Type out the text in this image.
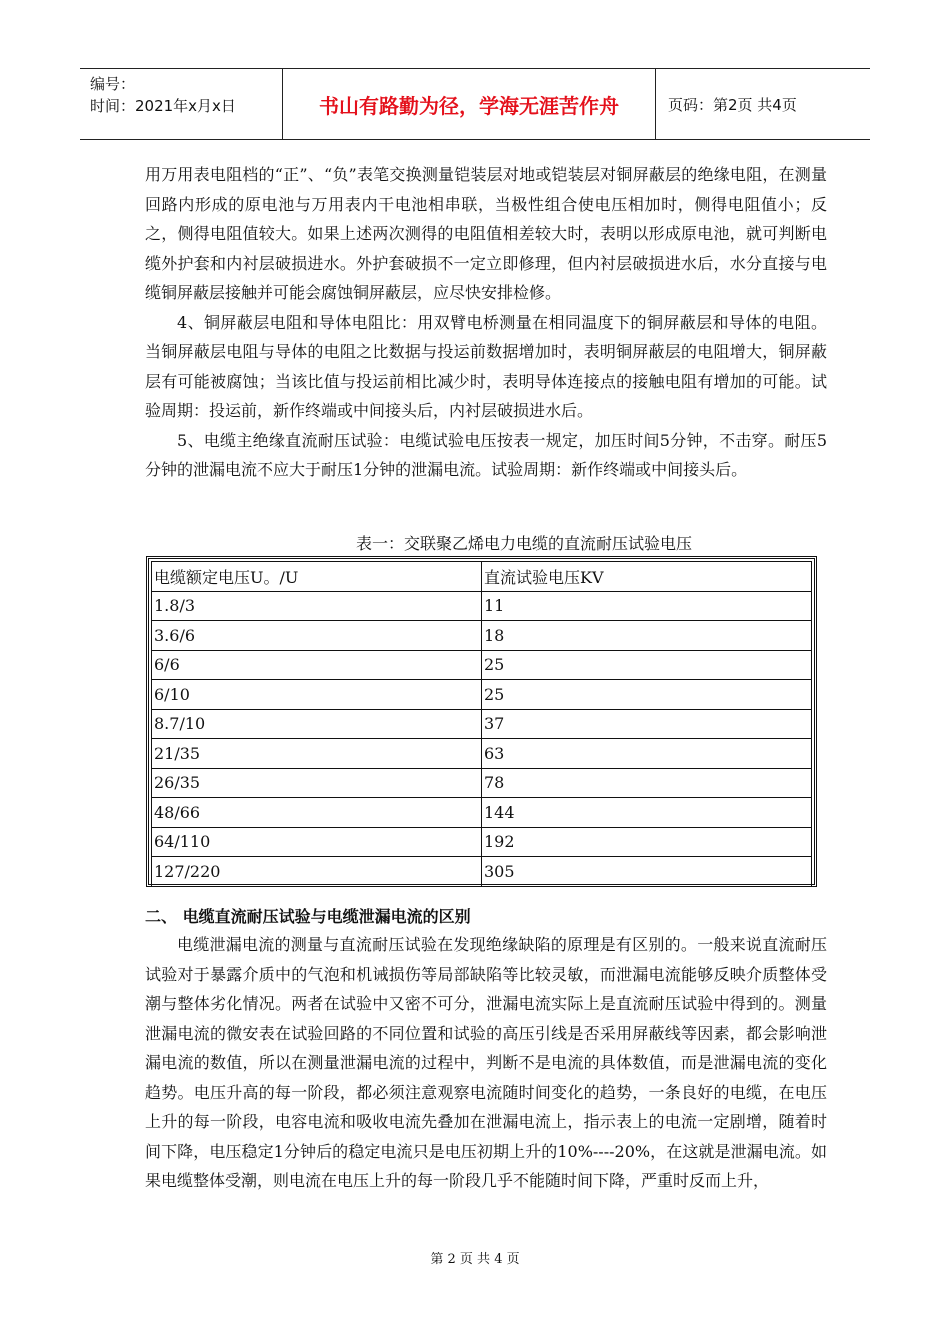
编号：
时间：2021年x月x日	书山有路勤为径，学海无涯苦作舟	页码：第2页 共4页

用万用表电阻档的“正”、“负”表笔交换测量铠装层对地或铠装层对铜屏蔽层的绝缘电阻，在测量回路内形成的原电池与万用表内干电池相串联，当极性组合使电压相加时，侧得电阻值小；反之，侧得电阻值较大。如果上述两次测得的电阻值相差较大时，表明以形成原电池，就可判断电缆外护套和内衬层破损进水。外护套破损不一定立即修理，但内衬层破损进水后，水分直接与电缆铜屏蔽层接触并可能会腐蚀铜屏蔽层，应尽快安排检修。

4、铜屏蔽层电阻和导体电阻比：用双臂电桥测量在相同温度下的铜屏蔽层和导体的电阻。当铜屏蔽层电阻与导体的电阻之比数据与投运前数据增加时，表明铜屏蔽层的电阻增大，铜屏蔽层有可能被腐蚀；当该比值与投运前相比减少时，表明导体连接点的接触电阻有增加的可能。试验周期：投运前，新作终端或中间接头后，内衬层破损进水后。

5、电缆主绝缘直流耐压试验：电缆试验电压按表一规定，加压时间5分钟，不击穿。耐压5分钟的泄漏电流不应大于耐压1分钟的泄漏电流。试验周期：新作终端或中间接头后。

表一：交联聚乙烯电力电缆的直流耐压试验电压
电缆额定电压U。/U	直流试验电压KV
1.8/3	11
3.6/6	18
6/6	25
6/10	25
8.7/10	37
21/35	63
26/35	78
48/66	144
64/110	192
127/220	305
二、 电缆直流耐压试验与电缆泄漏电流的区别

电缆泄漏电流的测量与直流耐压试验在发现绝缘缺陷的原理是有区别的。一般来说直流耐压试验对于暴露介质中的气泡和机诫损伤等局部缺陷等比较灵敏，而泄漏电流能够反映介质整体受潮与整体劣化情况。两者在试验中又密不可分，泄漏电流实际上是直流耐压试验中得到的。测量泄漏电流的微安表在试验回路的不同位置和试验的高压引线是否采用屏蔽线等因素，都会影响泄漏电流的数值，所以在测量泄漏电流的过程中，判断不是电流的具体数值，而是泄漏电流的变化趋势。电压升高的每一阶段，都必须注意观察电流随时间变化的趋势，一条良好的电缆，在电压上升的每一阶段，电容电流和吸收电流先叠加在泄漏电流上，指示表上的电流一定剧增，随着时间下降，电压稳定1分钟后的稳定电流只是电压初期上升的10%----20%，在这就是泄漏电流。如果电缆整体受潮，则电流在电压上升的每一阶段几乎不能随时间下降，严重时反而上升，

第 2 页 共 4 页
